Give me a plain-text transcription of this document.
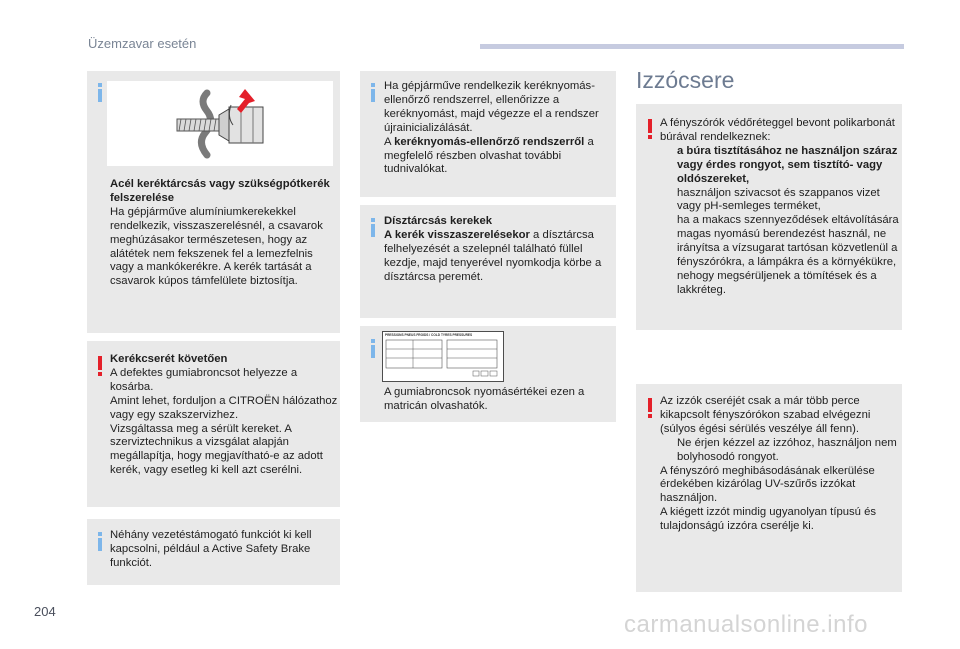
Üzemzavar esetén

Acél keréktárcsás vagy szükségpótkerék felszerelése

Ha gépjárműve alumíniumkerekekkel rendelkezik, visszaszerelésnél, a csavarok meghúzásakor természetesen, hogy az alátétek nem fekszenek fel a lemezfelnis vagy a mankókerékre. A kerék tartását a csavarok kúpos támfelülete biztosítja.

Kerékcserét követően

A defektes gumiabroncsot helyezze a kosárba.

Amint lehet, forduljon a CITROËN hálózathoz vagy egy szakszervizhez.

Vizsgáltassa meg a sérült kereket. A szerviztechnikus a vizsgálat alapján megállapítja, hogy megjavítható-e az adott kerék, vagy esetleg ki kell azt cserélni.

Néhány vezetéstámogató funkciót ki kell kapcsolni, például a Active Safety Brake funkciót.

Ha gépjárműve rendelkezik keréknyomás-ellenőrző rendszerrel, ellenőrizze a keréknyomást, majd végezze el a rendszer újrainicializálását.

A keréknyomás-ellenőrző rendszerről a megfelelő részben olvashat további tudnivalókat.

Dísztárcsás kerekek

A kerék visszaszerelésekor a dísztárcsa felhelyezését a szelepnél található füllel kezdje, majd tenyerével nyomkodja körbe a dísztárcsa peremét.

A gumiabroncsok nyomásértékei ezen a matricán olvashatók.

PRESSIONS PNEUS FROIDS / COLD TYRES PRESSURES
Izzócsere

A fényszórók védőréteggel bevont polikarbonát búrával rendelkeznek:

a búra tisztításához ne használjon száraz vagy érdes rongyot, sem tisztító- vagy oldószereket,
használjon szivacsot és szappanos vizet vagy pH-semleges terméket,
ha a makacs szennyeződések eltávolítására magas nyomású berendezést használ, ne irányítsa a vízsugarat tartósan közvetlenül a fényszórókra, a lámpákra és a környékükre, nehogy megsérüljenek a tömítések és a lakkréteg.

Az izzók cseréjét csak a már több perce kikapcsolt fényszórókon szabad elvégezni (súlyos égési sérülés veszélye áll fenn).

Ne érjen kézzel az izzóhoz, használjon nem bolyhosodó rongyot.

A fényszóró meghibásodásának elkerülése érdekében kizárólag UV-szűrős izzókat használjon.

A kiégett izzót mindig ugyanolyan típusú és tulajdonságú izzóra cserélje ki.

204	carmanualsonline.info
